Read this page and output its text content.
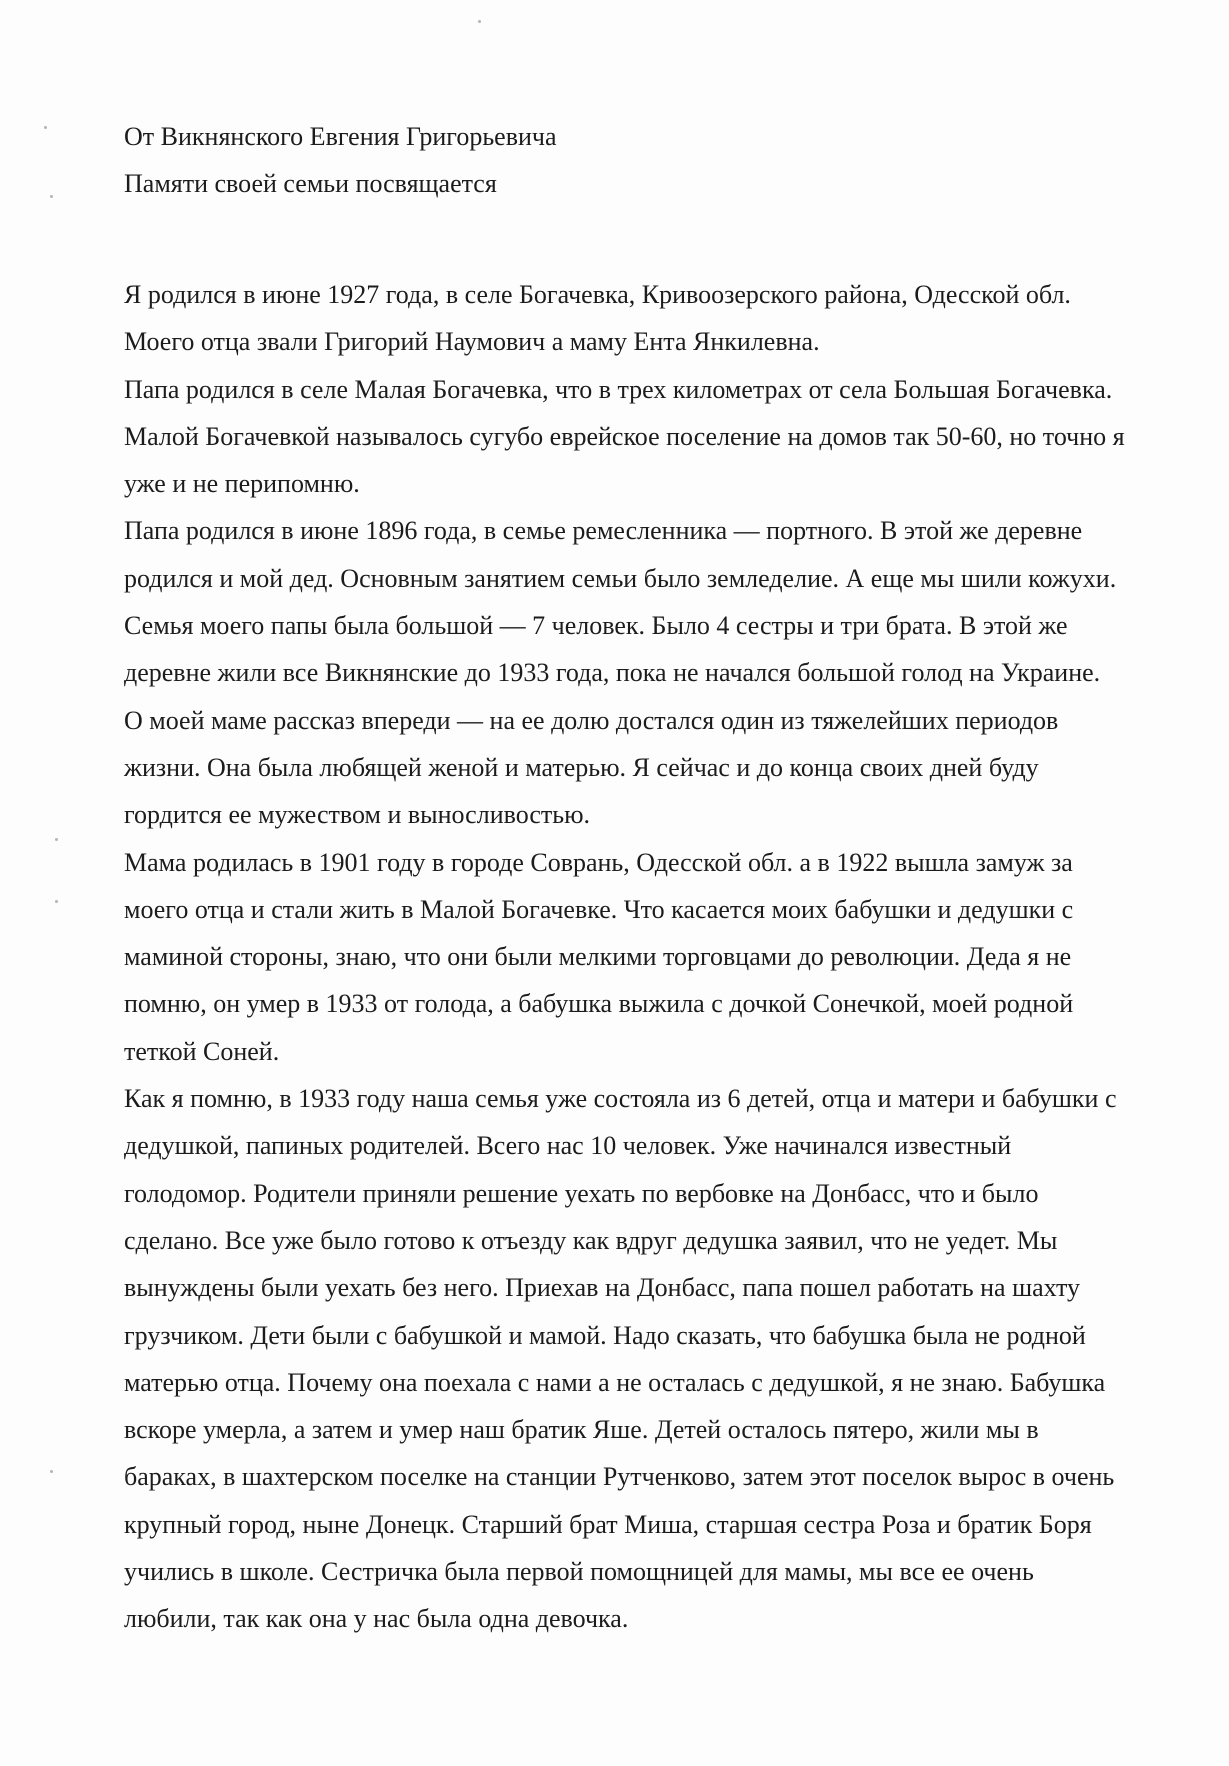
От Викнянского Евгения Григорьевича
Памяти своей семьи посвящается
Я родился в июне 1927 года, в селе Богачевка, Кривоозерского района, Одесской обл.
Моего отца звали Григорий Наумович а маму Ента Янкилевна.
Папа родился в селе Малая Богачевка, что в трех километрах от села Большая Богачевка.
Малой Богачевкой называлось сугубо еврейское поселение на домов так 50-60, но точно я
уже и не перипомню.
Папа родился в июне 1896 года, в семье ремесленника — портного. В этой же деревне
родился и мой дед. Основным занятием семьи было земледелие. А еще мы шили кожухи.
Семья моего папы была большой — 7 человек. Было 4 сестры и три брата. В этой же
деревне жили все Викнянские до 1933 года, пока не начался большой голод на Украине.
О моей маме рассказ впереди — на ее долю достался один из тяжелейших периодов
жизни. Она была любящей женой и матерью. Я сейчас и до конца своих дней буду
гордится ее мужеством и выносливостью.
Мама родилась в 1901 году в городе Соврань, Одесской обл. а в 1922 вышла замуж за
моего отца и стали жить в Малой Богачевке. Что касается моих бабушки и дедушки с
маминой стороны, знаю, что они были мелкими торговцами до революции. Деда я не
помню, он умер в 1933 от голода, а бабушка выжила с дочкой Сонечкой, моей родной
теткой Соней.
Как я помню, в 1933 году наша семья уже состояла из 6 детей, отца и матери и бабушки с
дедушкой, папиных родителей. Всего нас 10 человек. Уже начинался известный
голодомор. Родители приняли решение уехать по вербовке на Донбасс, что и было
сделано. Все уже было готово к отъезду как вдруг дедушка заявил, что не уедет. Мы
вынуждены были уехать без него. Приехав на Донбасс, папа пошел работать на шахту
грузчиком. Дети были с бабушкой и мамой. Надо сказать, что бабушка была не родной
матерью отца. Почему она поехала с нами а не осталась с дедушкой, я не знаю. Бабушка
вскоре умерла, а затем и умер наш братик Яше. Детей осталось пятеро, жили мы в
бараках, в шахтерском поселке на станции Рутченково, затем этот поселок вырос в очень
крупный город, ныне Донецк. Старший брат Миша, старшая сестра Роза и братик Боря
учились в школе. Сестричка была первой помощницей для мамы, мы все ее очень
любили, так как она у нас была одна девочка.
